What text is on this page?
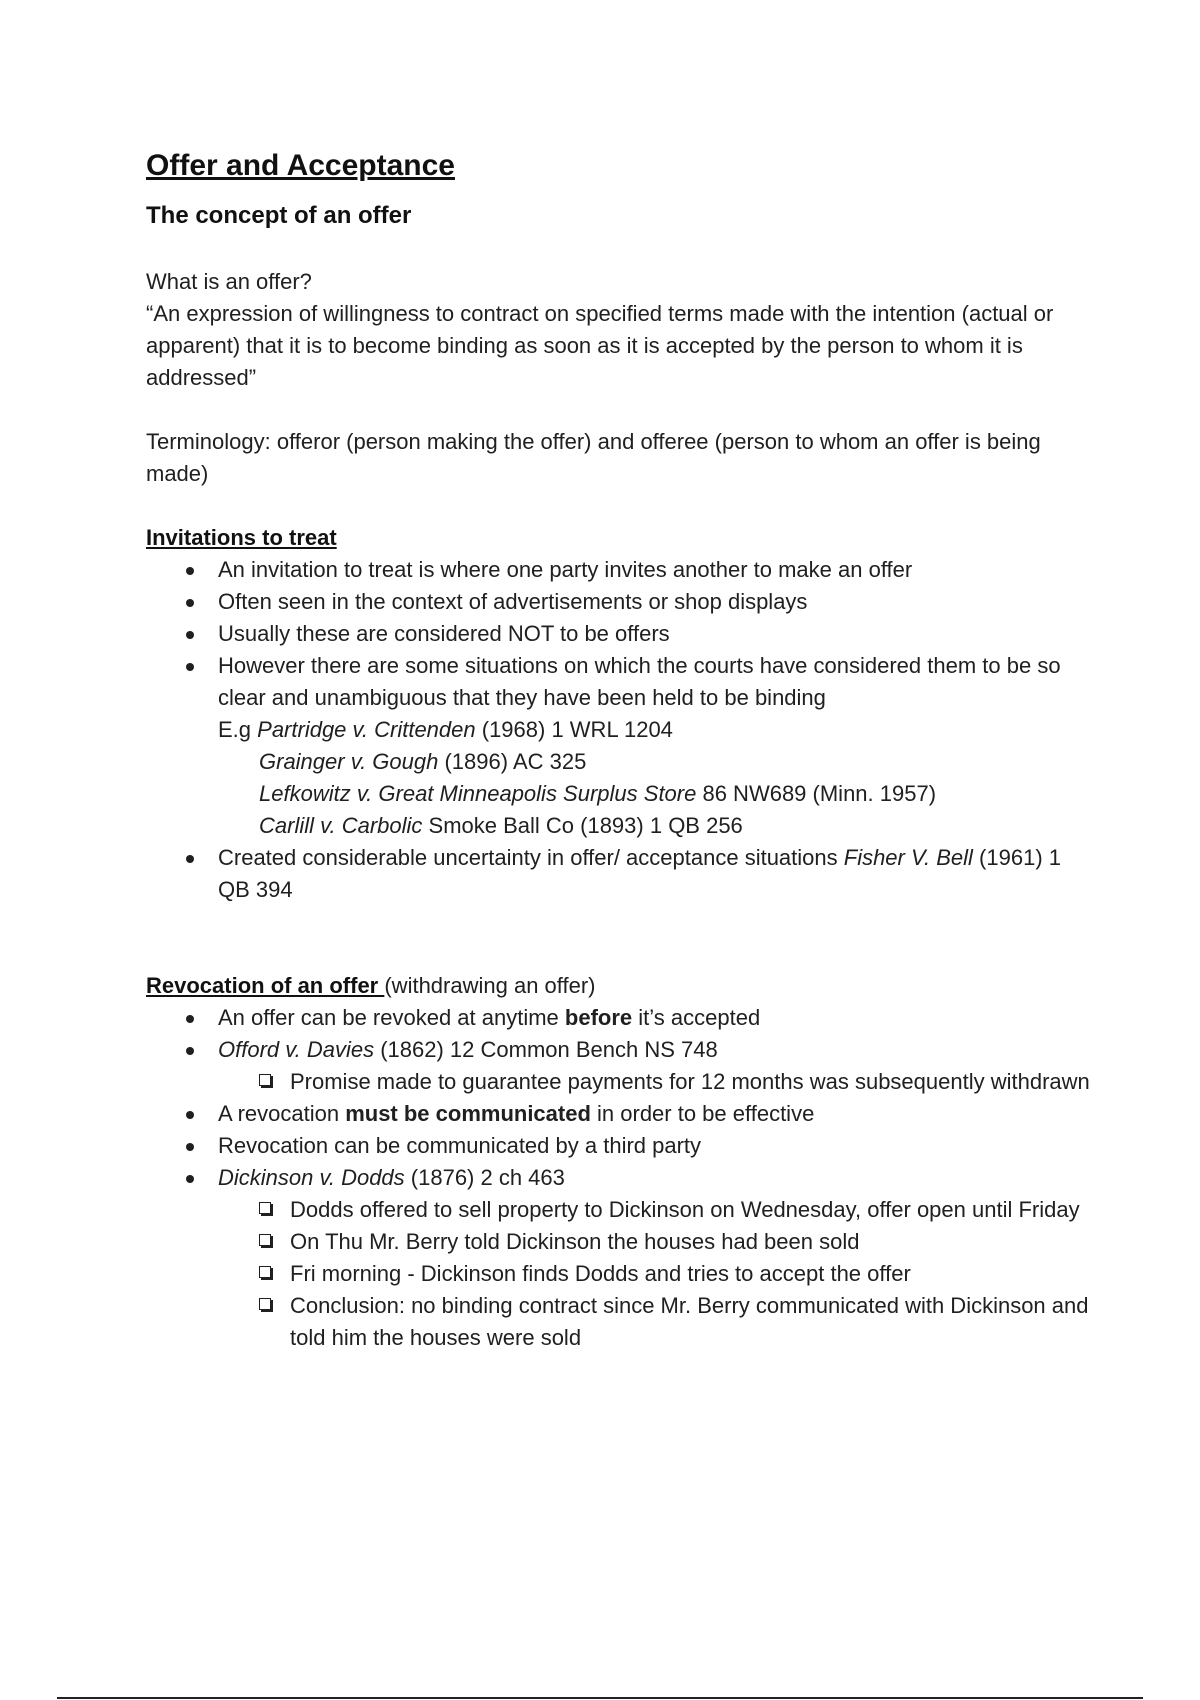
Offer and Acceptance
The concept of an offer

What is an offer?

“An expression of willingness to contract on specified terms made with the intention (actual or apparent) that it is to become binding as soon as it is accepted by the person to whom it is addressed”

Terminology: offeror (person making the offer) and offeree (person to whom an offer is being made)

Invitations to treat
An invitation to treat is where one party invites another to make an offer
Often seen in the context of advertisements or shop displays
Usually these are considered NOT to be offers
However there are some situations on which the courts have considered them to be so clear and unambiguous that they have been held to be binding
E.g Partridge v. Crittenden (1968) 1 WRL 1204
Grainger v. Gough (1896) AC 325
Lefkowitz v. Great Minneapolis Surplus Store 86 NW689 (Minn. 1957)
Carlill v. Carbolic Smoke Ball Co (1893) 1 QB 256
Created considerable uncertainty in offer/ acceptance situations Fisher V. Bell (1961) 1 QB 394
Revocation of an offer (withdrawing an offer)
An offer can be revoked at anytime before it’s accepted
Offord v. Davies (1862) 12 Common Bench NS 748
Promise made to guarantee payments for 12 months was subsequently withdrawn
A revocation must be communicated in order to be effective
Revocation can be communicated by a third party
Dickinson v. Dodds (1876) 2 ch 463
Dodds offered to sell property to Dickinson on Wednesday, offer open until Friday
On Thu Mr. Berry told Dickinson the houses had been sold
Fri morning - Dickinson finds Dodds and tries to accept the offer
Conclusion: no binding contract since Mr. Berry communicated with Dickinson and told him the houses were sold
